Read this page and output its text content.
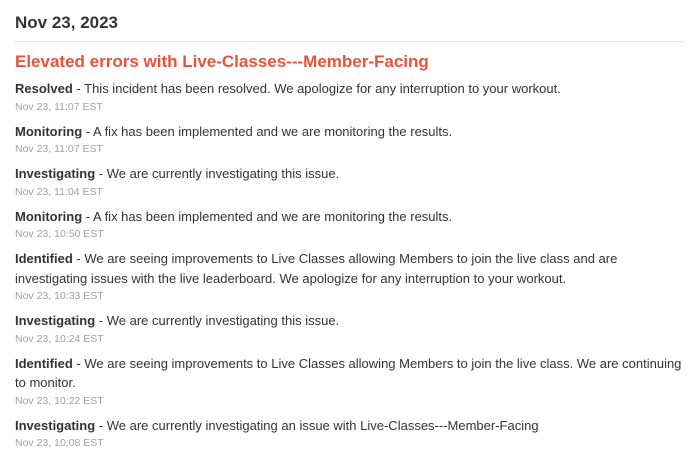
Nov 23, 2023
Elevated errors with Live-Classes---Member-Facing
Resolved - This incident has been resolved. We apologize for any interruption to your workout.
Nov 23, 11:07 EST
Monitoring - A fix has been implemented and we are monitoring the results.
Nov 23, 11:07 EST
Investigating - We are currently investigating this issue.
Nov 23, 11:04 EST
Monitoring - A fix has been implemented and we are monitoring the results.
Nov 23, 10:50 EST
Identified - We are seeing improvements to Live Classes allowing Members to join the live class and are investigating issues with the live leaderboard. We apologize for any interruption to your workout.
Nov 23, 10:33 EST
Investigating - We are currently investigating this issue.
Nov 23, 10:24 EST
Identified - We are seeing improvements to Live Classes allowing Members to join the live class. We are continuing to monitor.
Nov 23, 10:22 EST
Investigating - We are currently investigating an issue with Live-Classes---Member-Facing
Nov 23, 10:08 EST
